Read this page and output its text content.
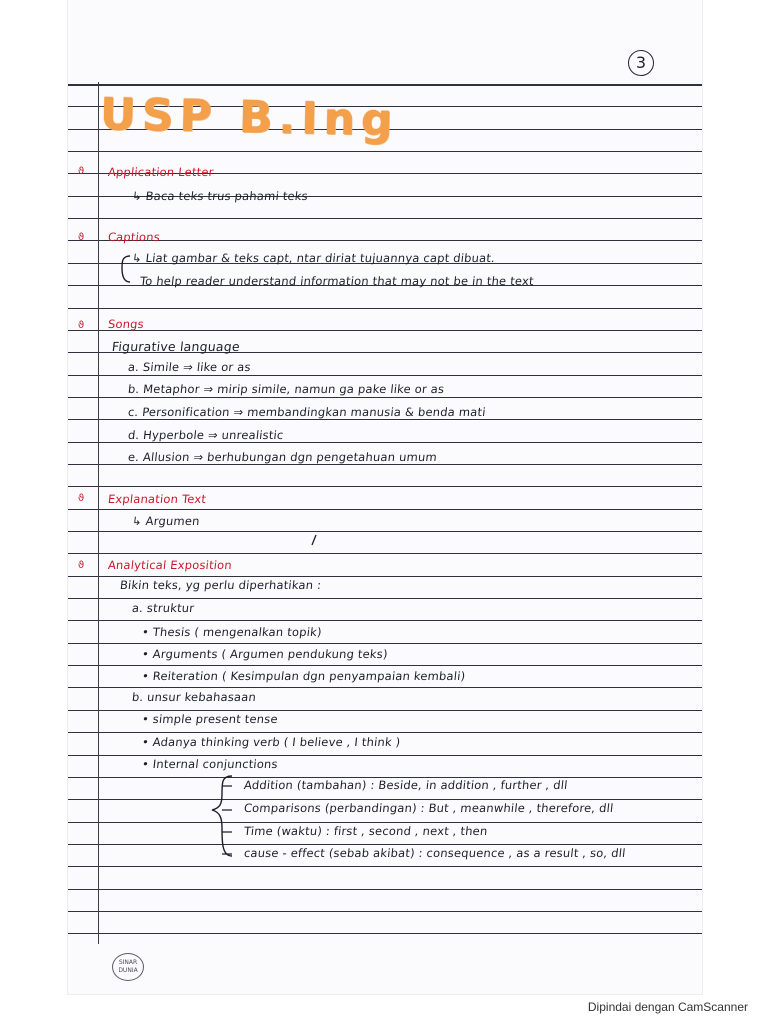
3
USP B.Ing
ϑ Application Letter
↳ Baca teks trus pahami teks
ϑ Captions
↳ Liat gambar & teks capt, ntar diriat tujuannya capt dibuat.
To help reader understand information that may not be in the text
ϑ Songs
Figurative language
a. Simile ⇒ like or as
b. Metaphor ⇒ mirip simile, namun ga pake like or as
c. Personification ⇒ membandingkan manusia & benda mati
d. Hyperbole ⇒ unrealistic
e. Allusion ⇒ berhubungan dgn pengetahuan umum
ϑ Explanation Text
↳ Argumen
ϑ Analytical Exposition
Bikin teks, yg perlu diperhatikan :
a. struktur
• Thesis ( mengenalkan topik)
• Arguments ( Argumen pendukung teks)
• Reiteration ( Kesimpulan dgn penyampaian kembali)
b. unsur kebahasaan
• simple present tense
• Adanya thinking verb ( I believe , I think )
• Internal conjunctions
Addition (tambahan) : Beside, in addition , further , dll
Comparisons (perbandingan) : But , meanwhile , therefore, dll
Time (waktu) : first , second , next , then
cause - effect (sebab akibat) : consequence , as a result , so, dll
SINAR DUNIA
Dipindai dengan CamScanner
